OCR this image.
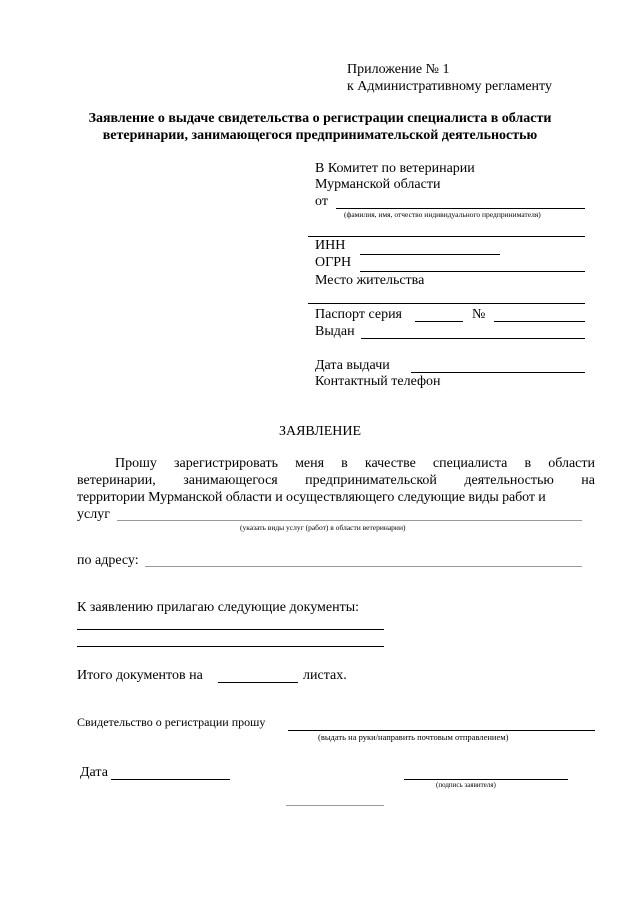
Приложение № 1
к Административному регламенту
Заявление о выдаче свидетельства о регистрации специалиста в области
ветеринарии, занимающегося предпринимательской деятельностью
В Комитет по ветеринарии
Мурманской области
от
(фамилия, имя, отчество индивидуального предпринимателя)
ИНН
ОГРН
Место жительства
Паспорт серия	№
Выдан
Дата выдачи
Контактный телефон
ЗАЯВЛЕНИЕ
Прошу зарегистрировать меня в качестве специалиста в области
ветеринарии, занимающегося предпринимательской деятельностью на
территории Мурманской области и осуществляющего следующие виды работ и
услуг
(указать виды услуг (работ) в области ветеринарии)
по адресу:
К заявлению прилагаю следующие документы:
Итого документов на	листах.
Свидетельство о регистрации прошу
(выдать на руки/направить почтовым отправлением)
Дата
(подпись заявителя)
